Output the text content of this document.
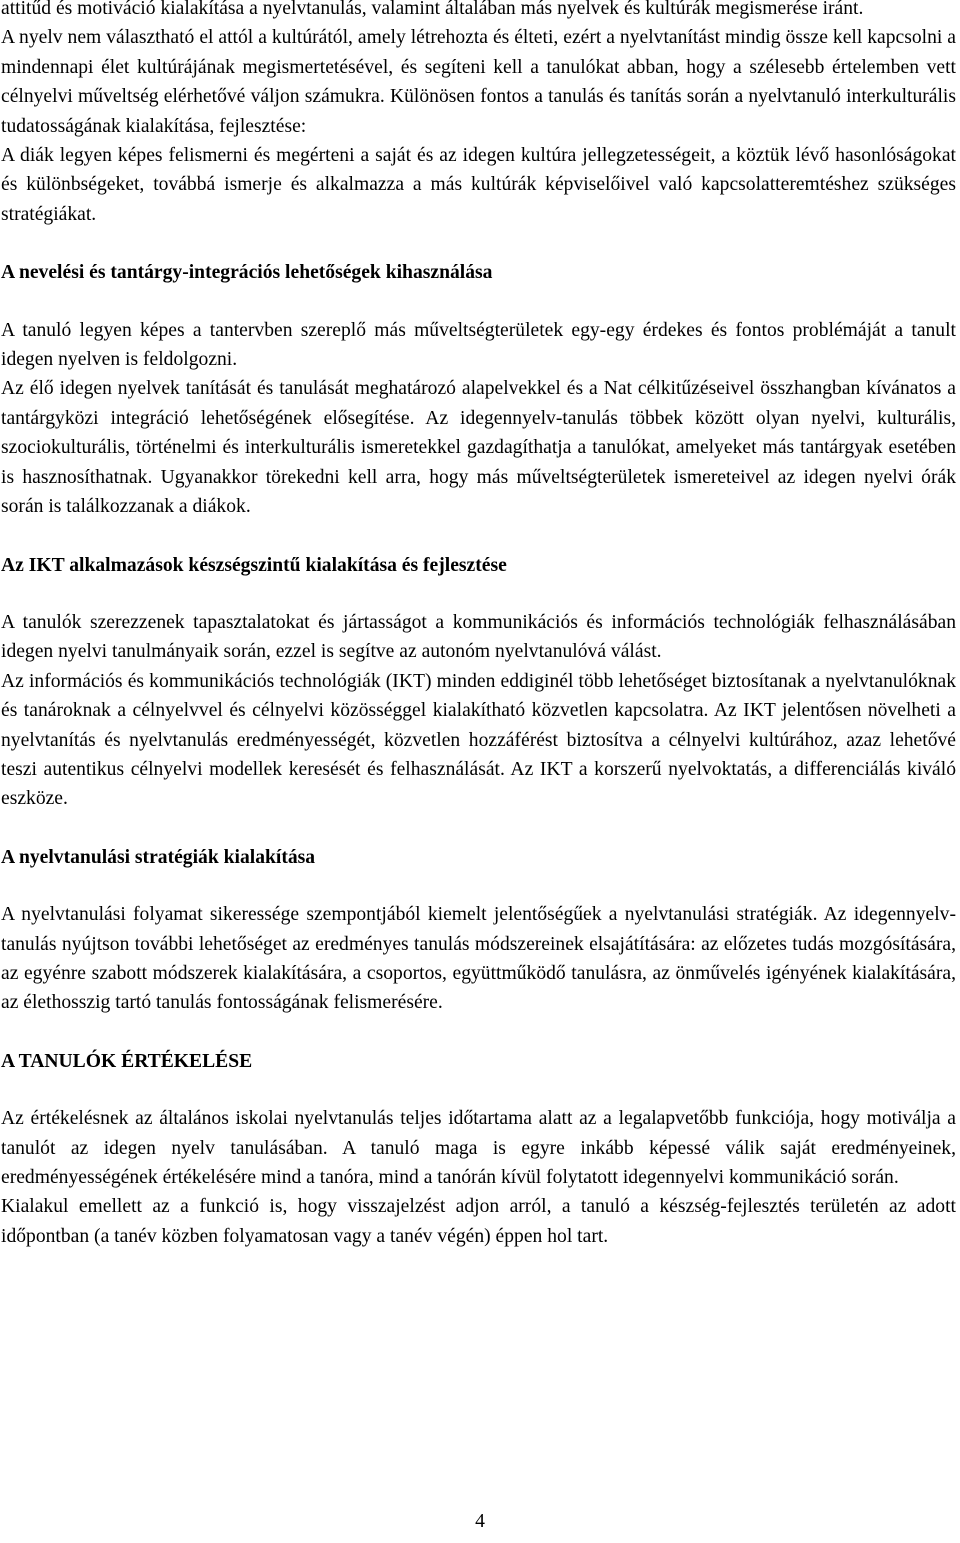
attitűd és motiváció kialakítása a nyelvtanulás, valamint általában más nyelvek és kultúrák megismerése iránt.

A nyelv nem választható el attól a kultúrától, amely létrehozta és élteti, ezért a nyelvtanítást mindig össze kell kapcsolni a mindennapi élet kultúrájának megismertetésével, és segíteni kell a tanulókat abban, hogy a szélesebb értelemben vett célnyelvi műveltség elérhetővé váljon számukra. Különösen fontos a tanulás és tanítás során a nyelvtanuló interkulturális tudatosságának kialakítása, fejlesztése:

A diák legyen képes felismerni és megérteni a saját és az idegen kultúra jellegzetességeit, a köztük lévő hasonlóságokat és különbségeket, továbbá ismerje és alkalmazza a más kultúrák képviselőivel való kapcsolatteremtéshez szükséges stratégiákat.

A nevelési és tantárgy-integrációs lehetőségek kihasználása

A tanuló legyen képes a tantervben szereplő más műveltségterületek egy-egy érdekes és fontos problémáját a tanult idegen nyelven is feldolgozni.

Az élő idegen nyelvek tanítását és tanulását meghatározó alapelvekkel és a Nat célkitűzéseivel összhangban kívánatos a tantárgyközi integráció lehetőségének elősegítése. Az idegennyelv-tanulás többek között olyan nyelvi, kulturális, szociokulturális, történelmi és interkulturális ismeretekkel gazdagíthatja a tanulókat, amelyeket más tantárgyak esetében is hasznosíthatnak. Ugyanakkor törekedni kell arra, hogy más műveltségterületek ismereteivel az idegen nyelvi órák során is találkozzanak a diákok.

Az IKT alkalmazások készségszintű kialakítása és fejlesztése

A tanulók szerezzenek tapasztalatokat és jártasságot a kommunikációs és információs technológiák felhasználásában idegen nyelvi tanulmányaik során, ezzel is segítve az autonóm nyelvtanulóvá válást.

Az információs és kommunikációs technológiák (IKT) minden eddiginél több lehetőséget biztosítanak a nyelvtanulóknak és tanároknak a célnyelvvel és célnyelvi közösséggel kialakítható közvetlen kapcsolatra. Az IKT jelentősen növelheti a nyelvtanítás és nyelvtanulás eredményességét, közvetlen hozzáférést biztosítva a célnyelvi kultúrához, azaz lehetővé teszi autentikus célnyelvi modellek keresését és felhasználását. Az IKT a korszerű nyelvoktatás, a differenciálás kiváló eszköze.

A nyelvtanulási stratégiák kialakítása

A nyelvtanulási folyamat sikeressége szempontjából kiemelt jelentőségűek a nyelvtanulási stratégiák. Az idegennyelv-tanulás nyújtson további lehetőséget az eredményes tanulás módszereinek elsajátítására: az előzetes tudás mozgósítására, az egyénre szabott módszerek kialakítására, a csoportos, együttműködő tanulásra, az önművelés igényének kialakítására, az élethosszig tartó tanulás fontosságának felismerésére.

A TANULÓK ÉRTÉKELÉSE

Az értékelésnek az általános iskolai nyelvtanulás teljes időtartama alatt az a legalapvetőbb funkciója, hogy motiválja a tanulót az idegen nyelv tanulásában. A tanuló maga is egyre inkább képessé válik saját eredményeinek, eredményességének értékelésére mind a tanóra, mind a tanórán kívül folytatott idegennyelvi kommunikáció során.

Kialakul emellett az a funkció is, hogy visszajelzést adjon arról, a tanuló a készség-fejlesztés területén az adott időpontban (a tanév közben folyamatosan vagy a tanév végén) éppen hol tart.

4
